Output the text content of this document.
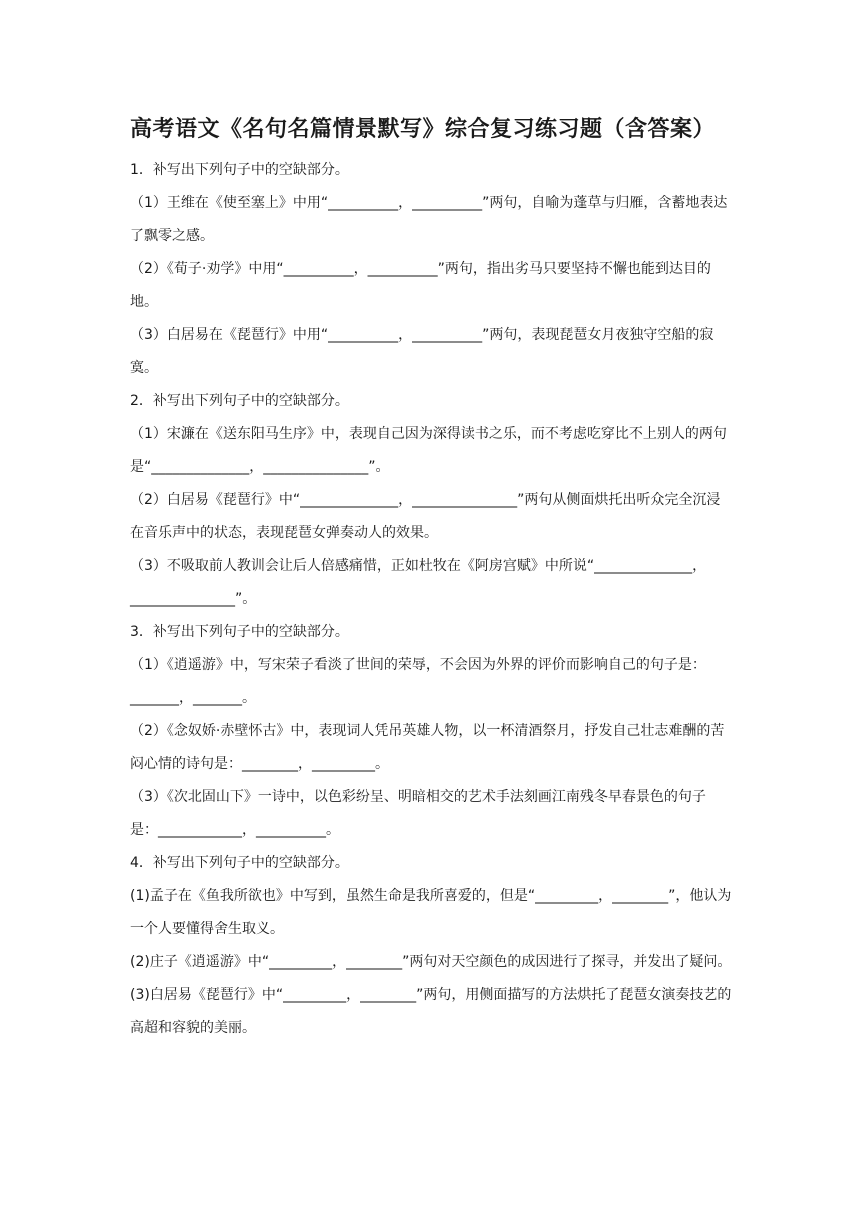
高考语文《名句名篇情景默写》综合复习练习题（含答案）

1．补写出下列句子中的空缺部分。

（1）王维在《使至塞上》中用“__________，__________”两句，自喻为蓬草与归雁，含蓄地表达了飘零之感。

（2）《荀子·劝学》中用“__________，__________”两句，指出劣马只要坚持不懈也能到达目的地。

（3）白居易在《琵琶行》中用“__________，__________”两句，表现琵琶女月夜独守空船的寂寞。

2．补写出下列句子中的空缺部分。

（1）宋濂在《送东阳马生序》中，表现自己因为深得读书之乐，而不考虑吃穿比不上别人的两句是“______________，_______________”。

（2）白居易《琵琶行》中“______________，_______________”两句从侧面烘托出听众完全沉浸在音乐声中的状态，表现琵琶女弹奏动人的效果。

（3）不吸取前人教训会让后人倍感痛惜，正如杜牧在《阿房宫赋》中所说“______________，_______________”。

3．补写出下列句子中的空缺部分。

（1）《逍遥游》中，写宋荣子看淡了世间的荣辱，不会因为外界的评价而影响自己的句子是：_______，_______。

（2）《念奴娇·赤壁怀古》中，表现词人凭吊英雄人物，以一杯清酒祭月，抒发自己壮志难酬的苦闷心情的诗句是：________，_________。

（3）《次北固山下》一诗中，以色彩纷呈、明暗相交的艺术手法刻画江南残冬早春景色的句子是：____________，__________。

4．补写出下列句子中的空缺部分。

(1)孟子在《鱼我所欲也》中写到，虽然生命是我所喜爱的，但是“_________，________”，他认为一个人要懂得舍生取义。

(2)庄子《逍遥游》中“_________，________”两句对天空颜色的成因进行了探寻，并发出了疑问。

(3)白居易《琵琶行》中“_________，________”两句，用侧面描写的方法烘托了琵琶女演奏技艺的高超和容貌的美丽。
